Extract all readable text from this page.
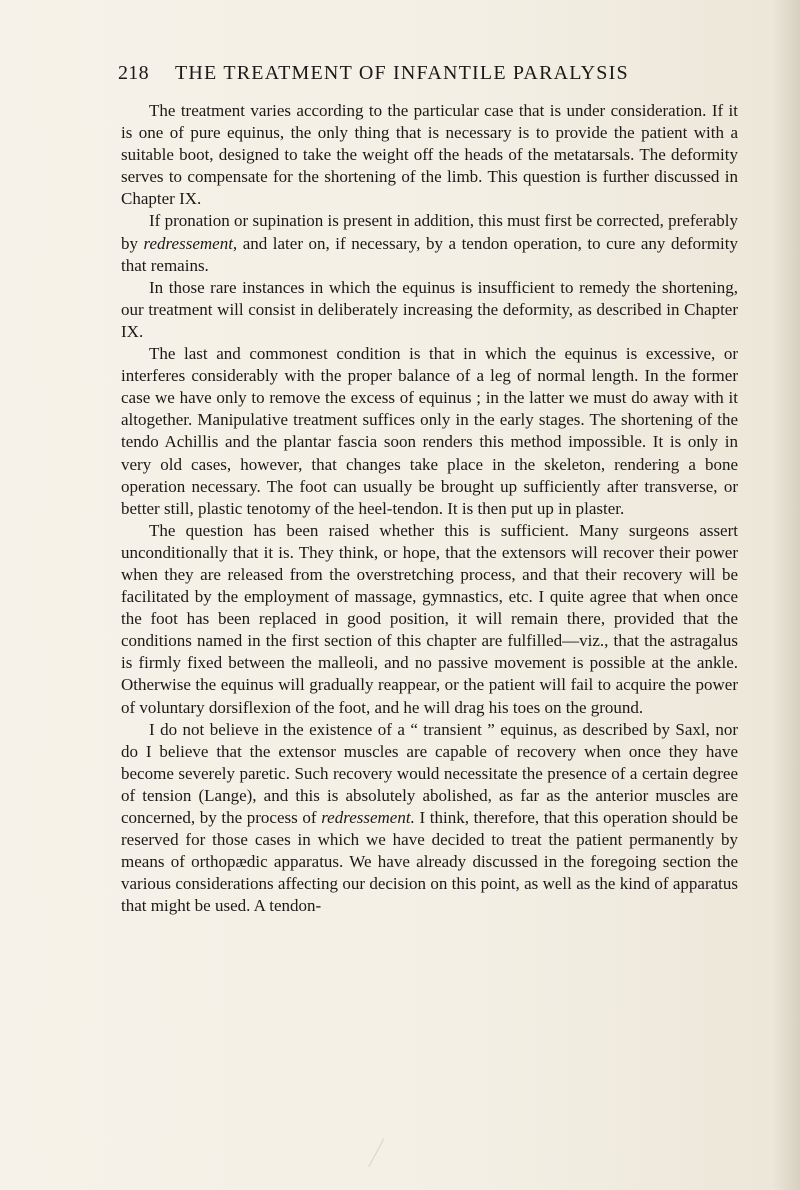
218 THE TREATMENT OF INFANTILE PARALYSIS

The treatment varies according to the particular case that is under consideration. If it is one of pure equinus, the only thing that is necessary is to provide the patient with a suitable boot, designed to take the weight off the heads of the metatarsals. The deformity serves to compensate for the shortening of the limb. This question is further discussed in Chapter IX.

If pronation or supination is present in addition, this must first be corrected, preferably by redressement, and later on, if necessary, by a tendon operation, to cure any deformity that remains.

In those rare instances in which the equinus is insufficient to remedy the shortening, our treatment will consist in deliberately increasing the deformity, as described in Chapter IX.

The last and commonest condition is that in which the equinus is excessive, or interferes considerably with the proper balance of a leg of normal length. In the former case we have only to remove the excess of equinus ; in the latter we must do away with it altogether. Manipulative treatment suffices only in the early stages. The shortening of the tendo Achillis and the plantar fascia soon renders this method impossible. It is only in very old cases, however, that changes take place in the skeleton, rendering a bone operation necessary. The foot can usually be brought up sufficiently after transverse, or better still, plastic tenotomy of the heel-tendon. It is then put up in plaster.

The question has been raised whether this is sufficient. Many surgeons assert unconditionally that it is. They think, or hope, that the extensors will recover their power when they are released from the overstretching process, and that their recovery will be facilitated by the employment of massage, gymnastics, etc. I quite agree that when once the foot has been replaced in good position, it will remain there, provided that the conditions named in the first section of this chapter are fulfilled—viz., that the astragalus is firmly fixed between the malleoli, and no passive movement is possible at the ankle. Otherwise the equinus will gradually reappear, or the patient will fail to acquire the power of voluntary dorsiflexion of the foot, and he will drag his toes on the ground.

I do not believe in the existence of a “ transient ” equinus, as described by Saxl, nor do I believe that the extensor muscles are capable of recovery when once they have become severely paretic. Such recovery would necessitate the presence of a certain degree of tension (Lange), and this is absolutely abolished, as far as the anterior muscles are concerned, by the process of redressement. I think, therefore, that this operation should be reserved for those cases in which we have decided to treat the patient permanently by means of orthopædic apparatus. We have already discussed in the foregoing section the various considerations affecting our decision on this point, as well as the kind of apparatus that might be used. A tendon-
